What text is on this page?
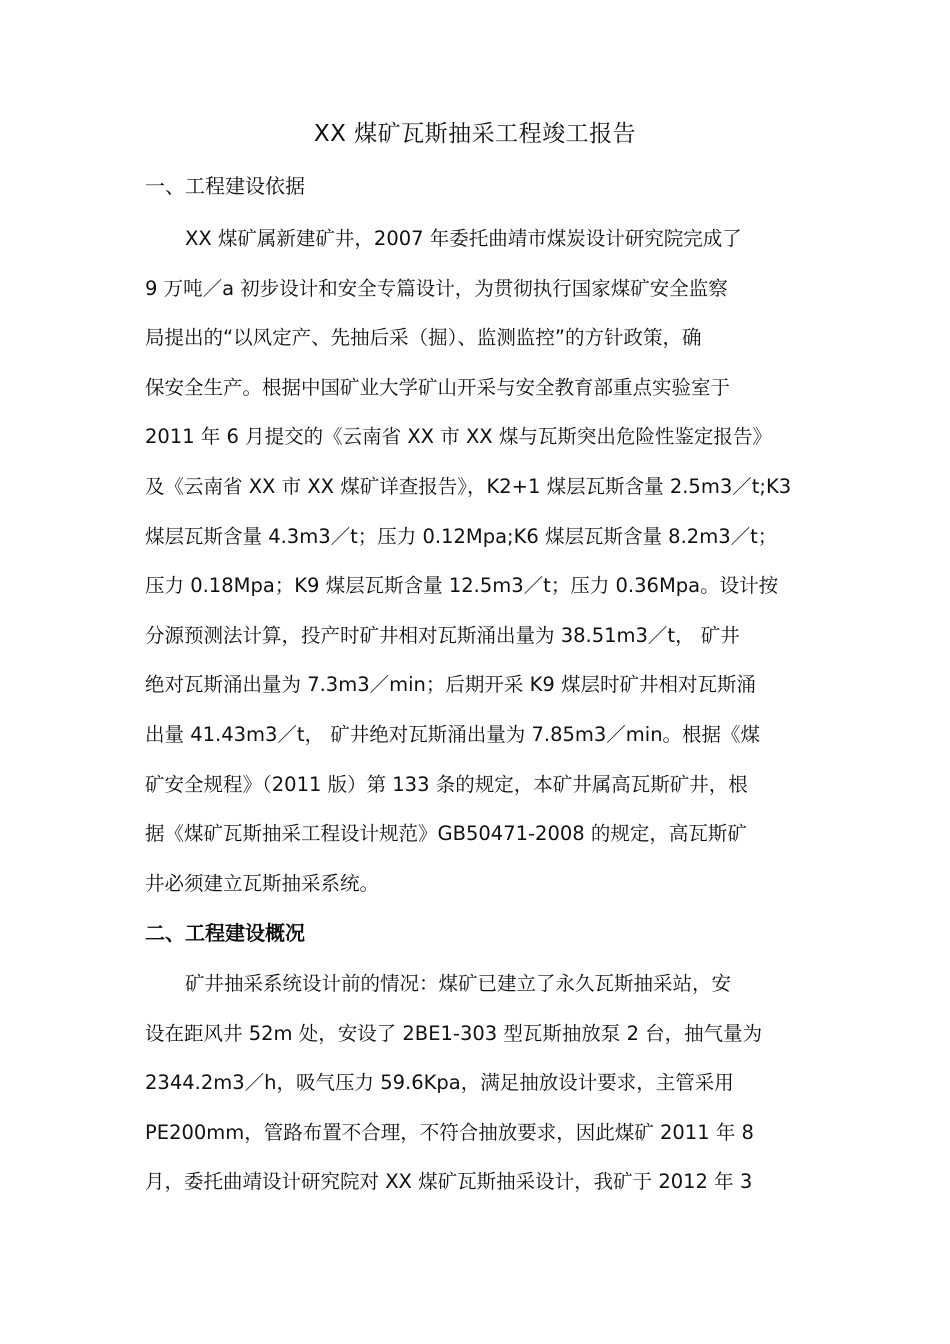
XX 煤矿瓦斯抽采工程竣工报告
一、工程建设依据
XX 煤矿属新建矿井，2007 年委托曲靖市煤炭设计研究院完成了
9 万吨／a 初步设计和安全专篇设计，为贯彻执行国家煤矿安全监察
局提出的“以风定产、先抽后采（掘）、监测监控”的方针政策，确
保安全生产。根据中国矿业大学矿山开采与安全教育部重点实验室于
2011 年 6 月提交的《云南省 XX 市 XX 煤与瓦斯突出危险性鉴定报告》
及《云南省 XX 市 XX 煤矿详查报告》，K2+1 煤层瓦斯含量 2.5m3／t;K3
煤层瓦斯含量 4.3m3／t；压力 0.12Mpa;K6 煤层瓦斯含量 8.2m3／t；
压力 0.18Mpa；K9 煤层瓦斯含量 12.5m3／t；压力 0.36Mpa。设计按
分源预测法计算，投产时矿井相对瓦斯涌出量为 38.51m3／t， 矿井
绝对瓦斯涌出量为 7.3m3／min；后期开采 K9 煤层时矿井相对瓦斯涌
出量 41.43m3／t， 矿井绝对瓦斯涌出量为 7.85m3／min。根据《煤
矿安全规程》（2011 版）第 133 条的规定，本矿井属高瓦斯矿井，根
据《煤矿瓦斯抽采工程设计规范》GB50471-2008 的规定，高瓦斯矿
井必须建立瓦斯抽采系统。
二、工程建设概况
矿井抽采系统设计前的情况：煤矿已建立了永久瓦斯抽采站，安
设在距风井 52m 处，安设了 2BE1-303 型瓦斯抽放泵 2 台，抽气量为
2344.2m3／h，吸气压力 59.6Kpa，满足抽放设计要求，主管采用
PE200mm，管路布置不合理，不符合抽放要求，因此煤矿 2011 年 8
月，委托曲靖设计研究院对 XX 煤矿瓦斯抽采设计，我矿于 2012 年 3
